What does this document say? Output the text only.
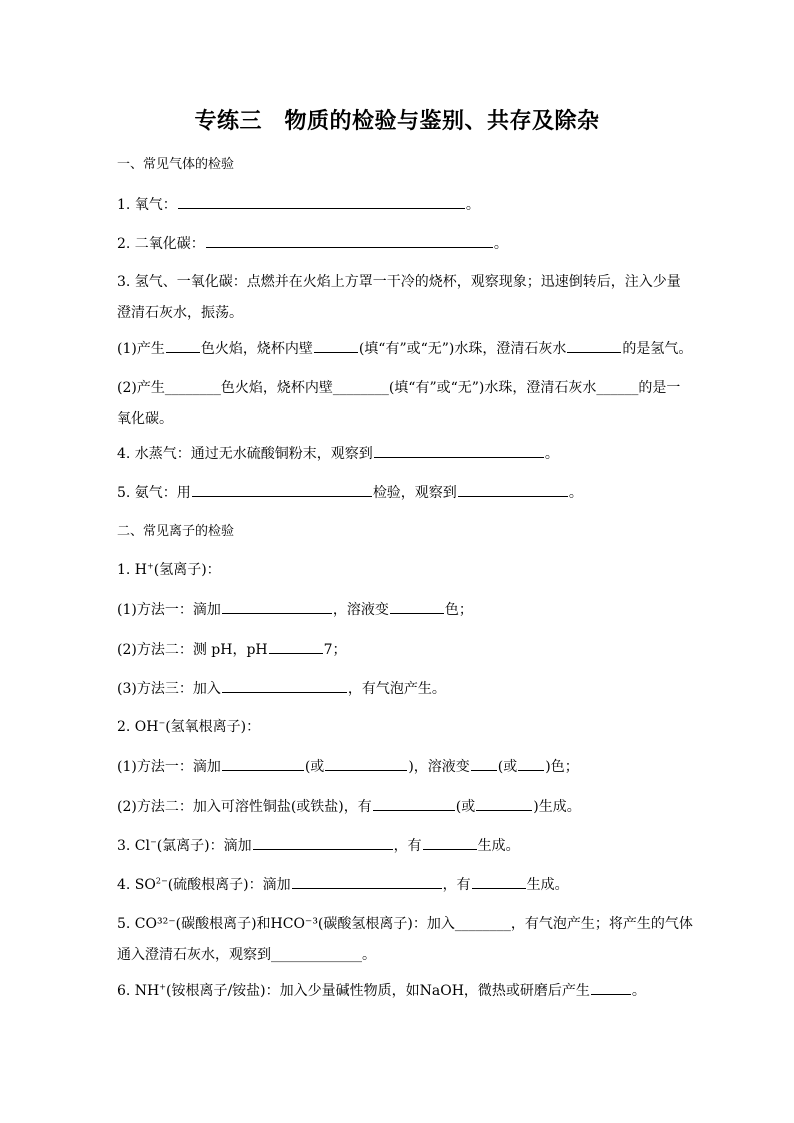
专练三　物质的检验与鉴别、共存及除杂
一、常见气体的检验
1. 氧气：	。
2. 二氧化碳：	。
3. 氢气、一氧化碳：点燃并在火焰上方罩一干冷的烧杯，观察现象；迅速倒转后，注入少量澄清石灰水，振荡。
(1)产生	色火焰，烧杯内壁	(填“有”或“无”)水珠，澄清石灰水	的是氢气。
(2)产生________色火焰，烧杯内壁________(填“有”或“无”)水珠，澄清石灰水______的是一氧化碳。
4. 水蒸气：通过无水硫酸铜粉末，观察到	。
5. 氨气：用	检验，观察到	。
二、常见离子的检验
1. H+(氢离子)：
(1)方法一：滴加	，溶液变	色；
(2)方法二：测 pH，pH	7；
(3)方法三：加入	，有气泡产生。
2. OH−(氢氧根离子)：
(1)方法一：滴加	(或	)，溶液变 (或 )色；
(2)方法二：加入可溶性铜盐(或铁盐)，有	(或	)生成。
3. Cl−(氯离子)：滴加	，有	生成。
4. $SO^{2-}$(硫酸根离子)：滴加	，有	生成。
5. CO³²⁻(碳酸根离子)和HCO⁻³(碳酸氢根离子)：加入________，有气泡产生；将产生的气体通入澄清石灰水，观察到_____________。
6. NH+(铵根离子/铵盐)：加入少量碱性物质，如NaOH，微热或研磨后产生	。
